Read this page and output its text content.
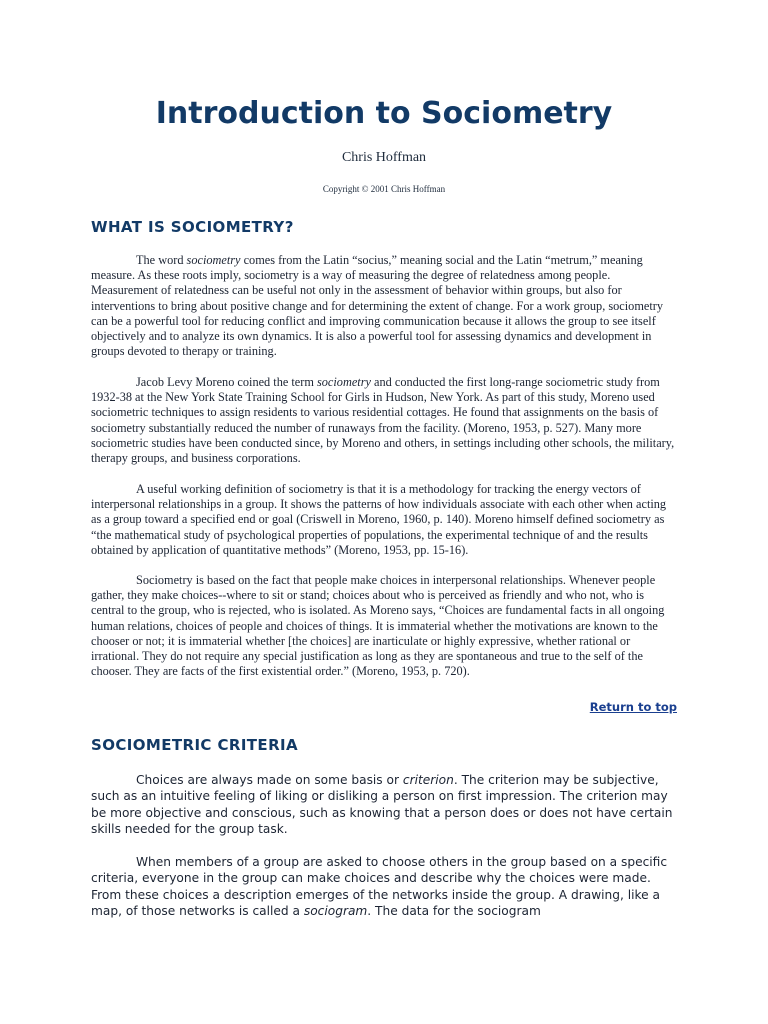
Introduction to Sociometry
Chris Hoffman
Copyright © 2001 Chris Hoffman
WHAT IS SOCIOMETRY?

The word sociometry comes from the Latin “socius,” meaning social and the Latin “metrum,” meaning measure. As these roots imply, sociometry is a way of measuring the degree of relatedness among people. Measurement of relatedness can be useful not only in the assessment of behavior within groups, but also for interventions to bring about positive change and for determining the extent of change. For a work group, sociometry can be a powerful tool for reducing conflict and improving communication because it allows the group to see itself objectively and to analyze its own dynamics. It is also a powerful tool for assessing dynamics and development in groups devoted to therapy or training.

Jacob Levy Moreno coined the term sociometry and conducted the first long-range sociometric study from 1932-38 at the New York State Training School for Girls in Hudson, New York. As part of this study, Moreno used sociometric techniques to assign residents to various residential cottages. He found that assignments on the basis of sociometry substantially reduced the number of runaways from the facility. (Moreno, 1953, p. 527). Many more sociometric studies have been conducted since, by Moreno and others, in settings including other schools, the military, therapy groups, and business corporations.

A useful working definition of sociometry is that it is a methodology for tracking the energy vectors of interpersonal relationships in a group. It shows the patterns of how individuals associate with each other when acting as a group toward a specified end or goal (Criswell in Moreno, 1960, p. 140). Moreno himself defined sociometry as “the mathematical study of psychological properties of populations, the experimental technique of and the results obtained by application of quantitative methods” (Moreno, 1953, pp. 15-16).

Sociometry is based on the fact that people make choices in interpersonal relationships. Whenever people gather, they make choices--where to sit or stand; choices about who is perceived as friendly and who not, who is central to the group, who is rejected, who is isolated. As Moreno says, “Choices are fundamental facts in all ongoing human relations, choices of people and choices of things. It is immaterial whether the motivations are known to the chooser or not; it is immaterial whether [the choices] are inarticulate or highly expressive, whether rational or irrational. They do not require any special justification as long as they are spontaneous and true to the self of the chooser. They are facts of the first existential order.” (Moreno, 1953, p. 720).

Return to top
SOCIOMETRIC CRITERIA

Choices are always made on some basis or criterion. The criterion may be subjective, such as an intuitive feeling of liking or disliking a person on first impression. The criterion may be more objective and conscious, such as knowing that a person does or does not have certain skills needed for the group task.

When members of a group are asked to choose others in the group based on a specific criteria, everyone in the group can make choices and describe why the choices were made. From these choices a description emerges of the networks inside the group. A drawing, like a map, of those networks is called a sociogram. The data for the sociogram
